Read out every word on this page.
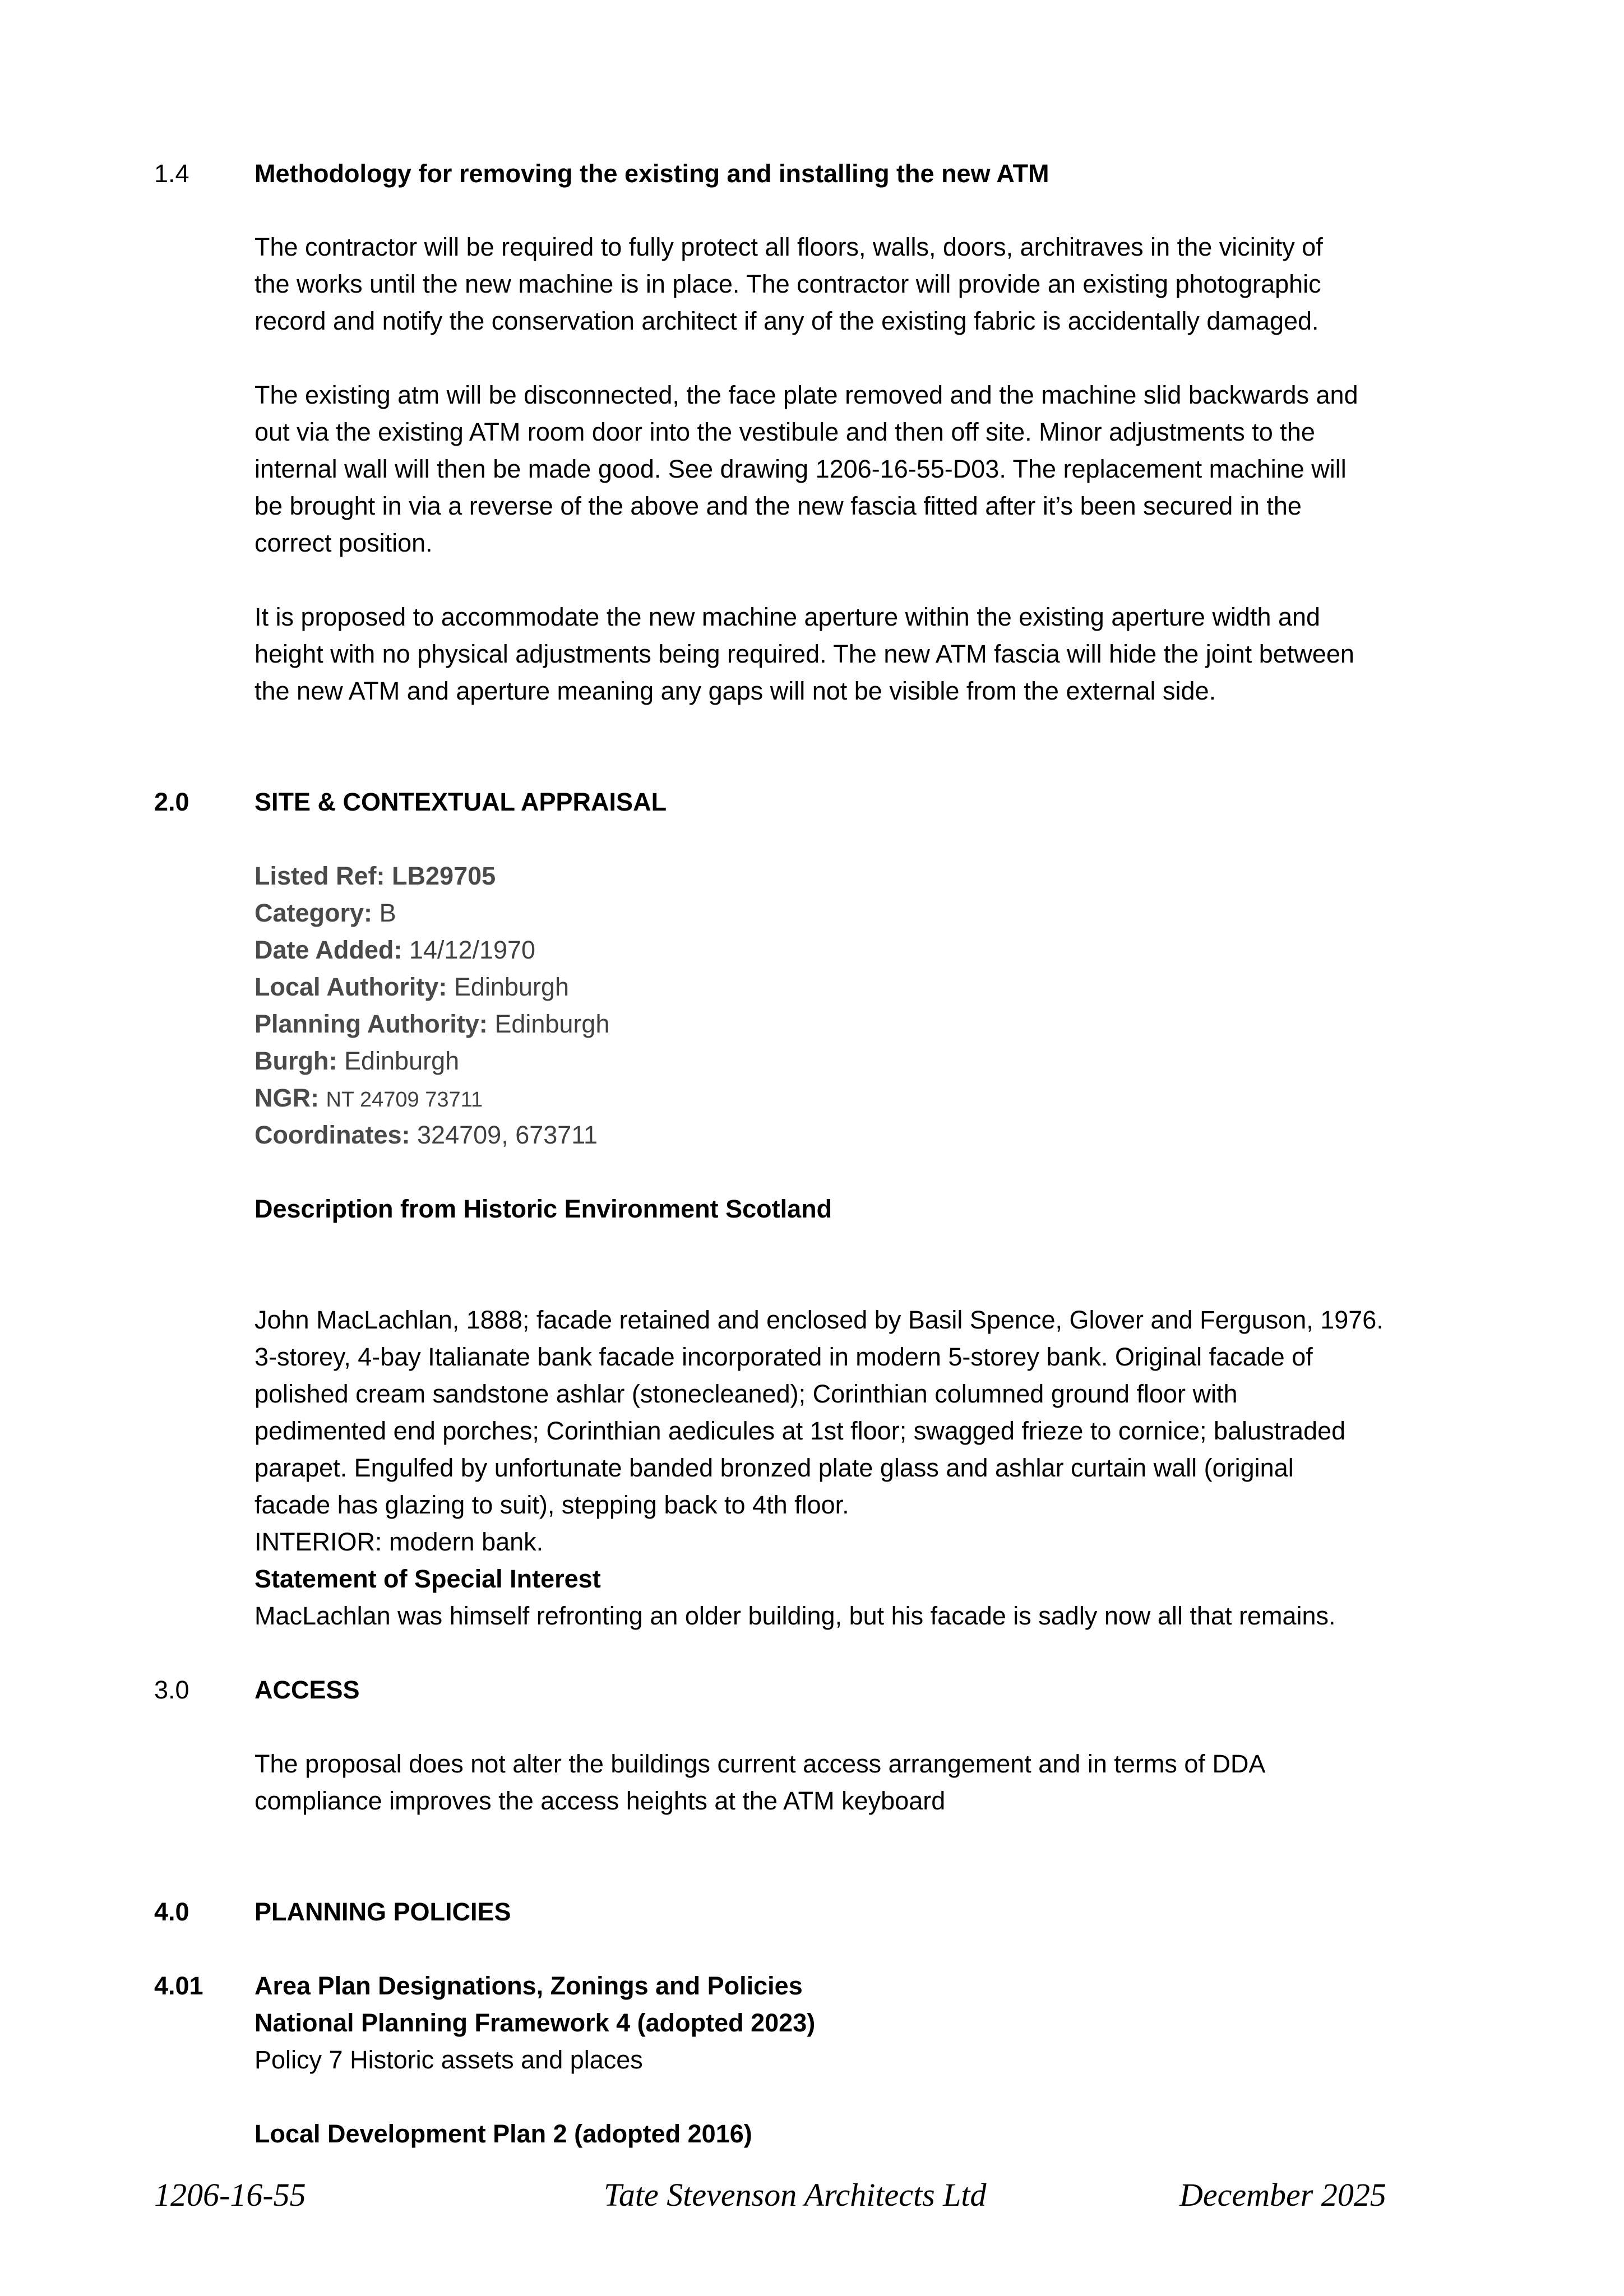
1.4	Methodology for removing the existing and installing the new ATM
The contractor will be required to fully protect all floors, walls, doors, architraves in the vicinity of
the works until the new machine is in place. The contractor will provide an existing photographic
record and notify the conservation architect if any of the existing fabric is accidentally damaged.
The existing atm will be disconnected, the face plate removed and the machine slid backwards and
out via the existing ATM room door into the vestibule and then off site. Minor adjustments to the
internal wall will then be made good. See drawing 1206-16-55-D03. The replacement machine will
be brought in via a reverse of the above and the new fascia fitted after it’s been secured in the
correct position.
It is proposed to accommodate the new machine aperture within the existing aperture width and
height with no physical adjustments being required. The new ATM fascia will hide the joint between
the new ATM and aperture meaning any gaps will not be visible from the external side.
2.0	SITE & CONTEXTUAL APPRAISAL
Listed Ref: LB29705
Category: B
Date Added: 14/12/1970
Local Authority: Edinburgh
Planning Authority: Edinburgh
Burgh: Edinburgh
NGR: NT 24709 73711
Coordinates: 324709, 673711
Description from Historic Environment Scotland
John MacLachlan, 1888; facade retained and enclosed by Basil Spence, Glover and Ferguson, 1976.
3-storey, 4-bay Italianate bank facade incorporated in modern 5-storey bank. Original facade of
polished cream sandstone ashlar (stonecleaned); Corinthian columned ground floor with
pedimented end porches; Corinthian aedicules at 1st floor; swagged frieze to cornice; balustraded
parapet. Engulfed by unfortunate banded bronzed plate glass and ashlar curtain wall (original
facade has glazing to suit), stepping back to 4th floor.
INTERIOR: modern bank.
Statement of Special Interest
MacLachlan was himself refronting an older building, but his facade is sadly now all that remains.
3.0	ACCESS
The proposal does not alter the buildings current access arrangement and in terms of DDA
compliance improves the access heights at the ATM keyboard
4.0	PLANNING POLICIES
4.01 Area Plan Designations, Zonings and Policies
National Planning Framework 4 (adopted 2023)
Policy 7 Historic assets and places
Local Development Plan 2 (adopted 2016)
1206-16-55	Tate Stevenson Architects Ltd	December 2025
